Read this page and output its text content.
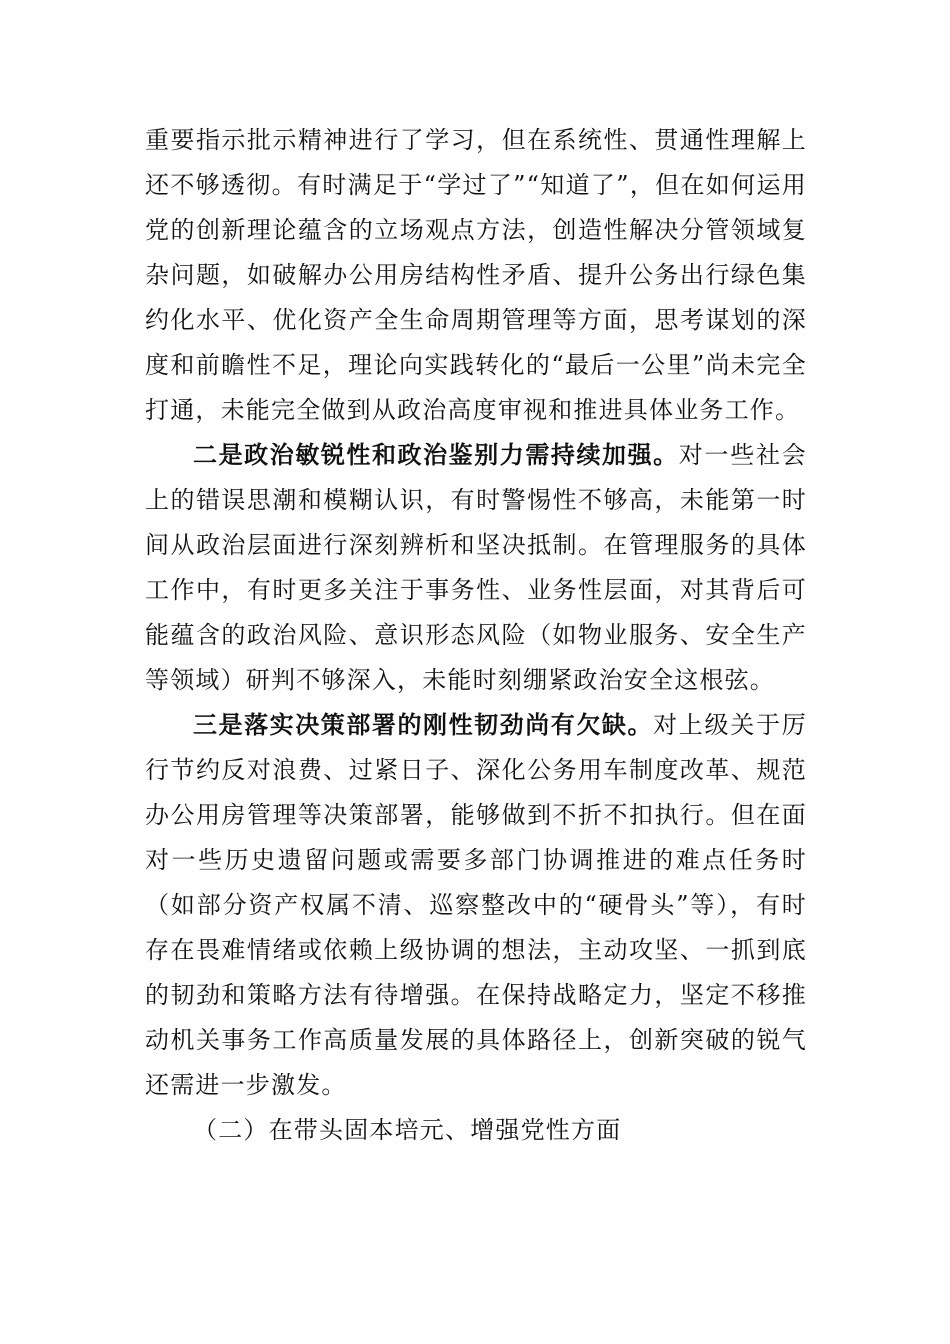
重要指示批示精神进行了学习，但在系统性、贯通性理解上还不够透彻。有时满足于“学过了”“知道了”，但在如何运用党的创新理论蕴含的立场观点方法，创造性解决分管领域复杂问题，如破解办公用房结构性矛盾、提升公务出行绿色集约化水平、优化资产全生命周期管理等方面，思考谋划的深度和前瞻性不足，理论向实践转化的“最后一公里”尚未完全打通，未能完全做到从政治高度审视和推进具体业务工作。

二是政治敏锐性和政治鉴别力需持续加强。对一些社会上的错误思潮和模糊认识，有时警惕性不够高，未能第一时间从政治层面进行深刻辨析和坚决抵制。在管理服务的具体工作中，有时更多关注于事务性、业务性层面，对其背后可能蕴含的政治风险、意识形态风险（如物业服务、安全生产等领域）研判不够深入，未能时刻绷紧政治安全这根弦。

三是落实决策部署的刚性韧劲尚有欠缺。对上级关于厉行节约反对浪费、过紧日子、深化公务用车制度改革、规范办公用房管理等决策部署，能够做到不折不扣执行。但在面对一些历史遗留问题或需要多部门协调推进的难点任务时（如部分资产权属不清、巡察整改中的“硬骨头”等），有时存在畏难情绪或依赖上级协调的想法，主动攻坚、一抓到底的韧劲和策略方法有待增强。在保持战略定力，坚定不移推动机关事务工作高质量发展的具体路径上，创新突破的锐气还需进一步激发。

（二）在带头固本培元、增强党性方面
